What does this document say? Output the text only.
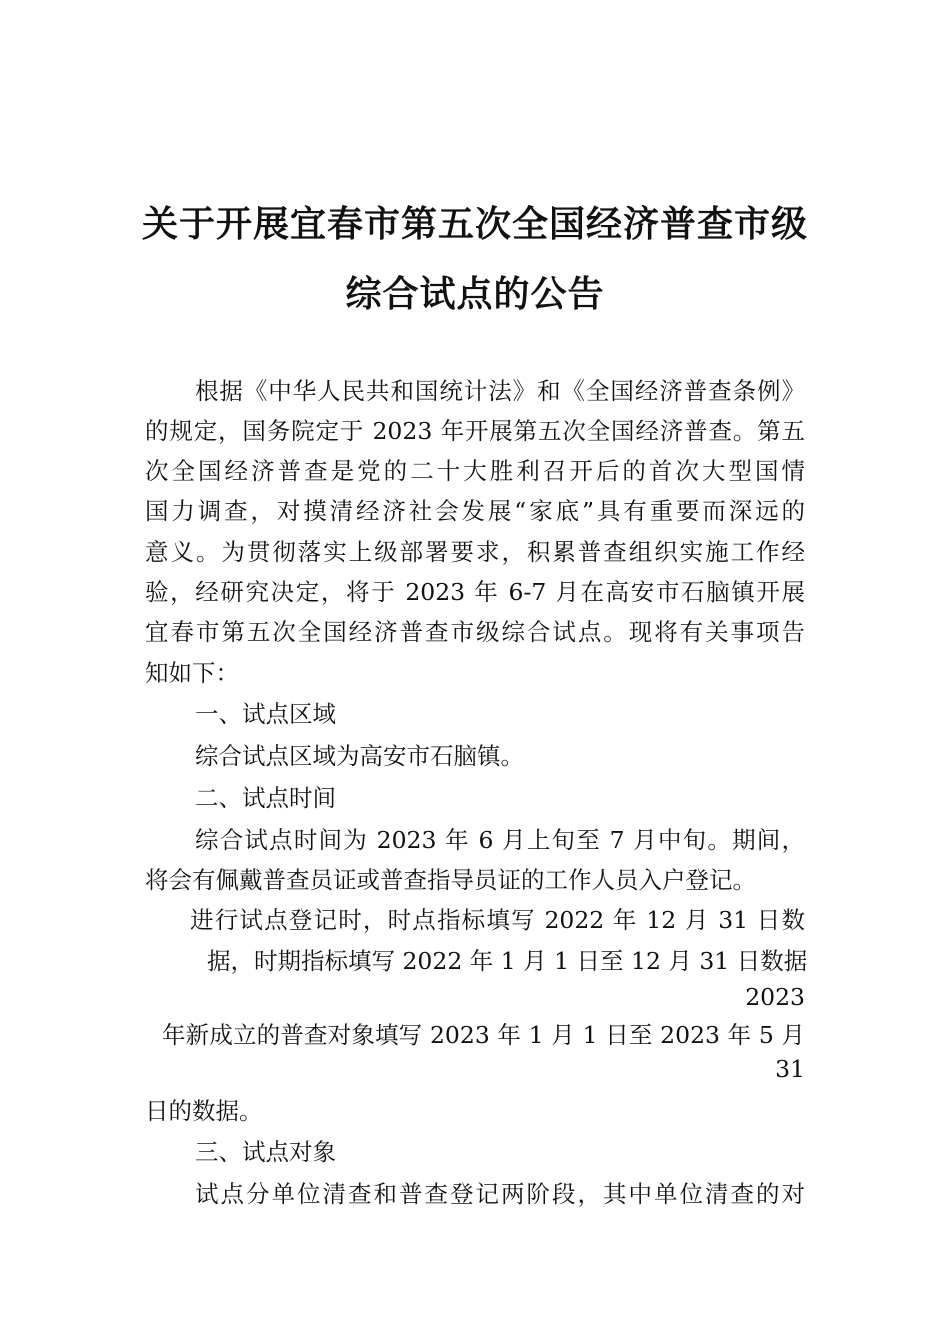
关于开展宜春市第五次全国经济普查市级
综合试点的公告
根据《中华人民共和国统计法》和《全国经济普查条例》
的规定，国务院定于 2023 年开展第五次全国经济普查。第五
次全国经济普查是党的二十大胜利召开后的首次大型国情
国力调查，对摸清经济社会发展“家底”具有重要而深远的
意义。为贯彻落实上级部署要求，积累普查组织实施工作经
验，经研究决定，将于 2023 年 6-7 月在高安市石脑镇开展
宜春市第五次全国经济普查市级综合试点。现将有关事项告
知如下：
一、试点区域
综合试点区域为高安市石脑镇。
二、试点时间
综合试点时间为 2023 年 6 月上旬至 7 月中旬。期间，
将会有佩戴普查员证或普查指导员证的工作人员入户登记。
进行试点登记时，时点指标填写 2022 年 12 月 31 日数
据，时期指标填写 2022 年 1 月 1 日至 12 月 31 日数据
2023
年新成立的普查对象填写 2023 年 1 月 1 日至 2023 年 5 月
31
日的数据。
三、试点对象
试点分单位清查和普查登记两阶段，其中单位清查的对
